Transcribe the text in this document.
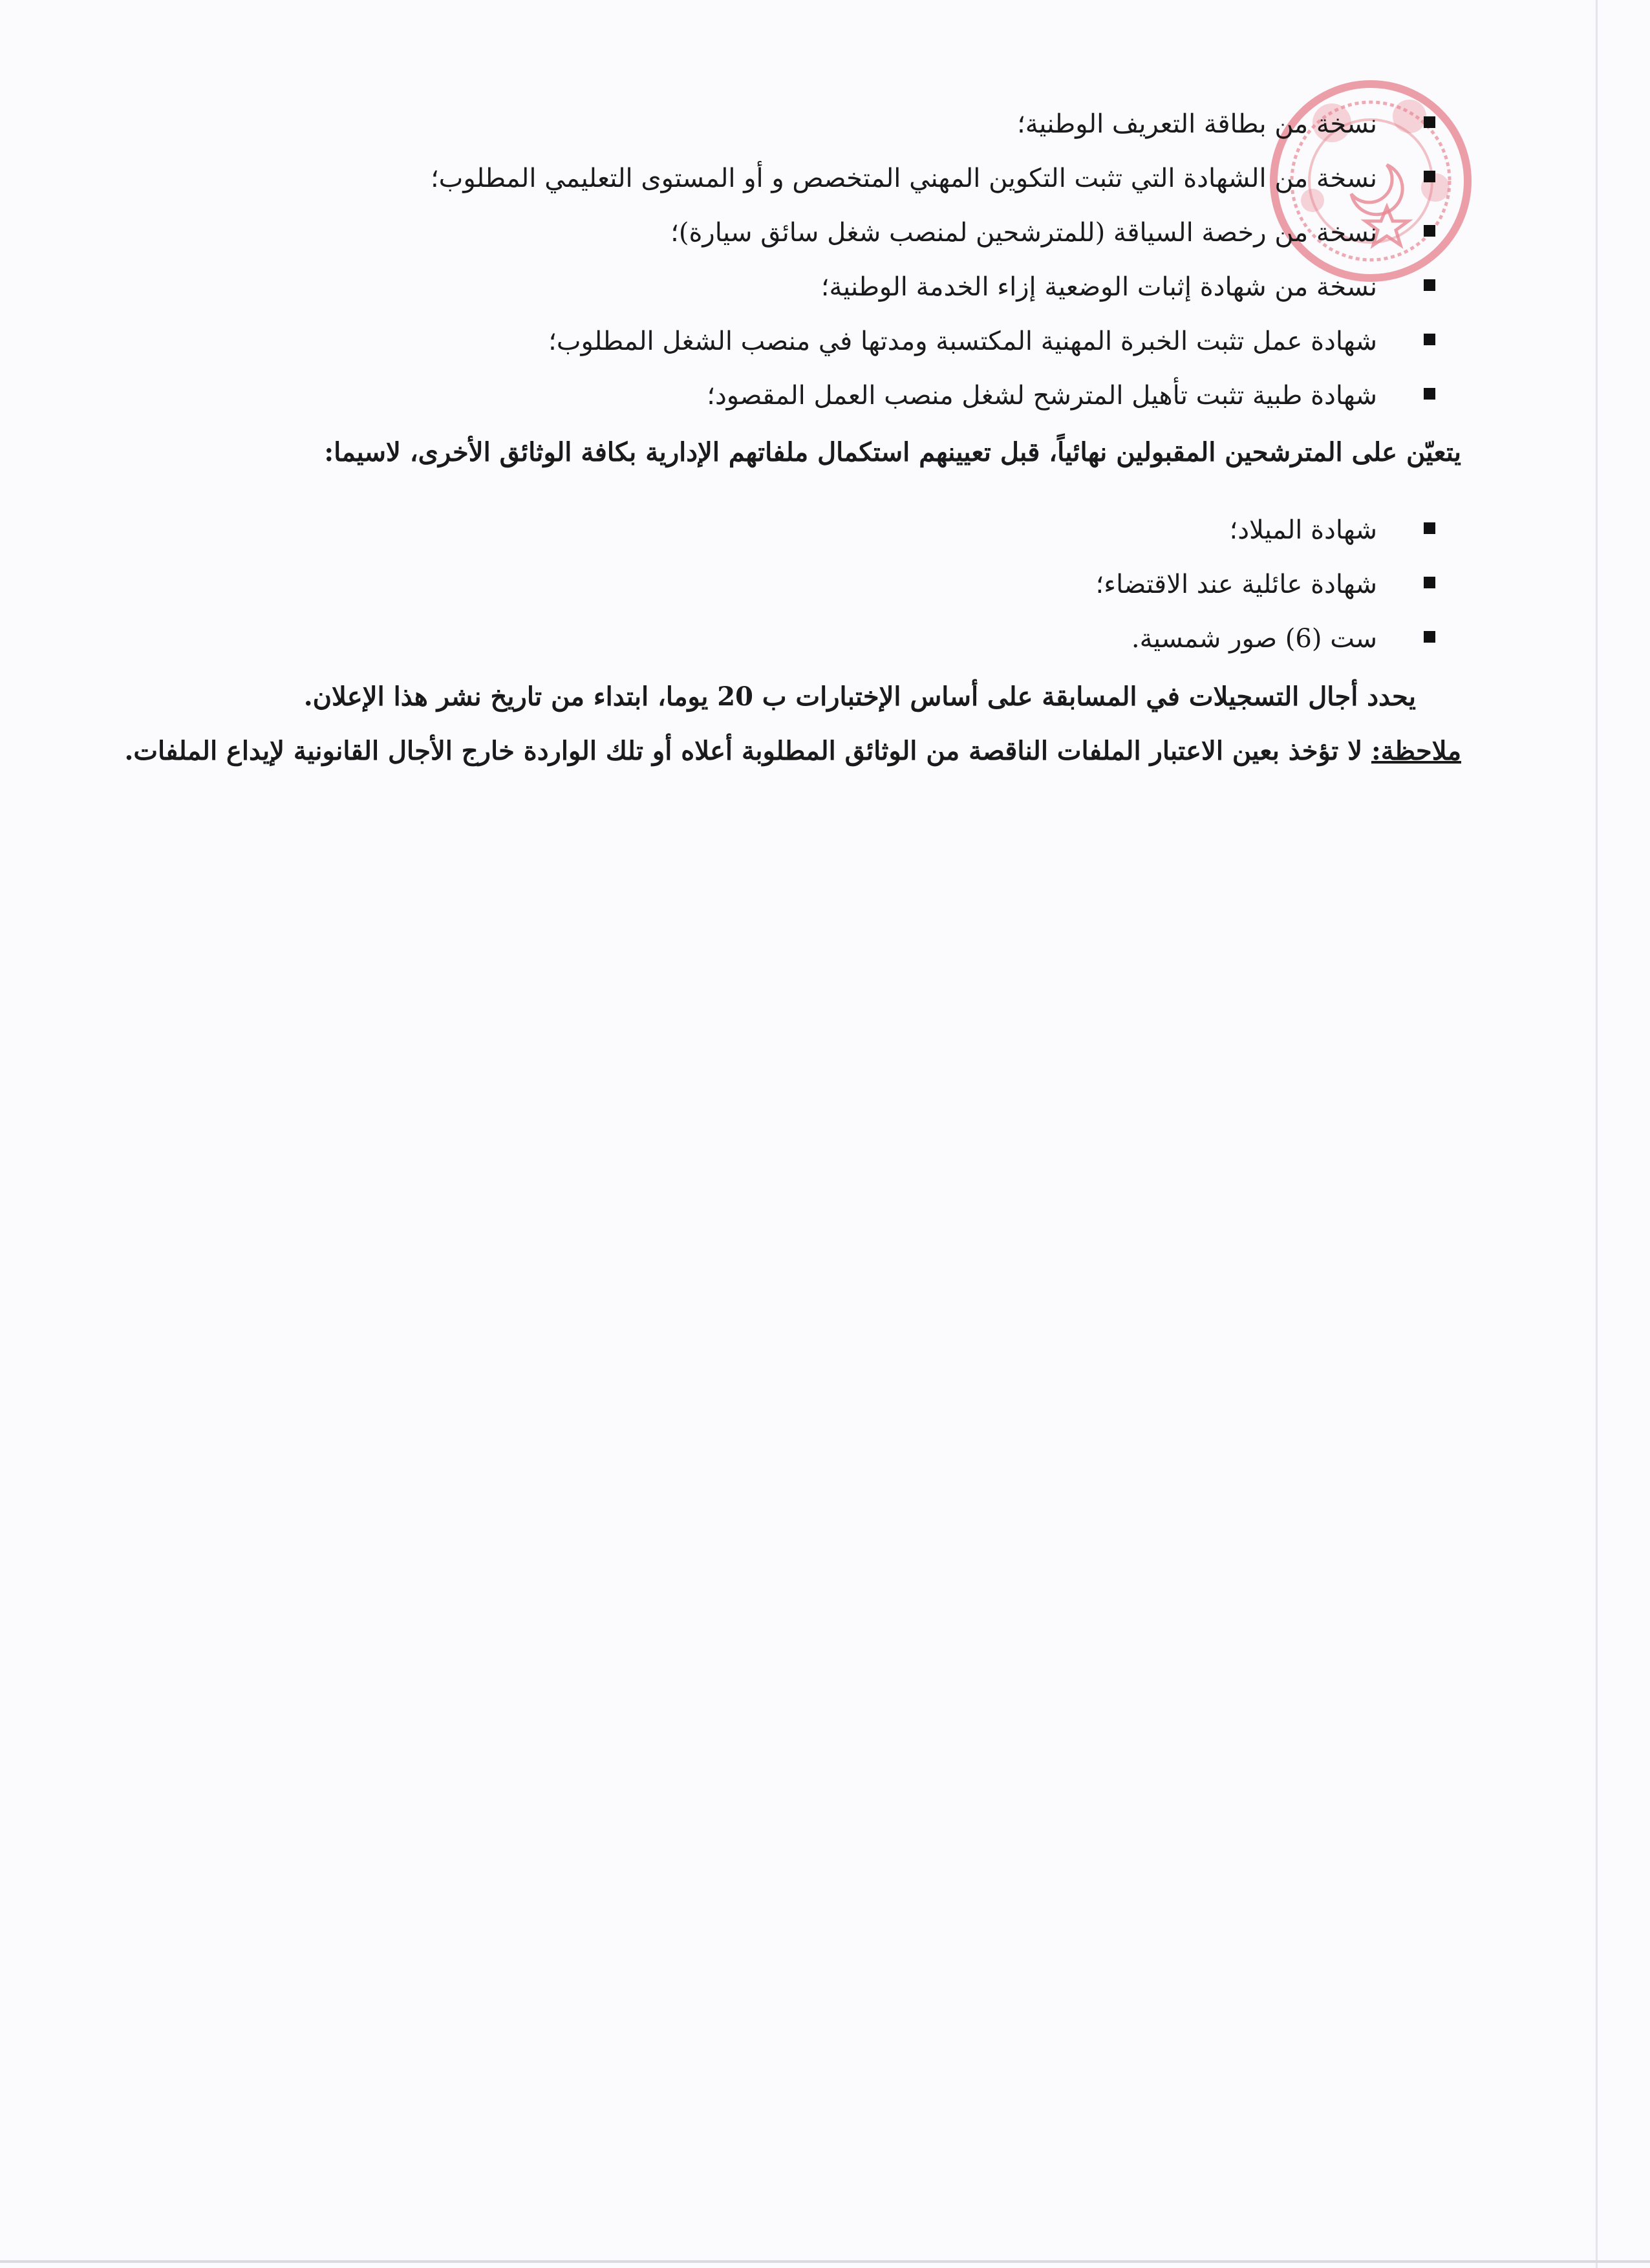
نسخة من بطاقة التعريف الوطنية؛
نسخة من الشهادة التي تثبت التكوين المهني المتخصص و أو المستوى التعليمي المطلوب؛
نسخة من رخصة السياقة (للمترشحين لمنصب شغل سائق سيارة)؛
نسخة من شهادة إثبات الوضعية إزاء الخدمة الوطنية؛
شهادة عمل تثبت الخبرة المهنية المكتسبة ومدتها في منصب الشغل المطلوب؛
شهادة طبية تثبت تأهيل المترشح لشغل منصب العمل المقصود؛

يتعيّن على المترشحين المقبولين نهائياً، قبل تعيينهم استكمال ملفاتهم الإدارية بكافة الوثائق الأخرى، لاسيما:

شهادة الميلاد؛
شهادة عائلية عند الاقتضاء؛
ست (6) صور شمسية.

يحدد أجال التسجيلات في المسابقة على أساس الإختبارات ب 20 يوما، ابتداء من تاريخ نشر هذا الإعلان.

ملاحظة: لا تؤخذ بعين الاعتبار الملفات الناقصة من الوثائق المطلوبة أعلاه أو تلك الواردة خارج الأجال القانونية لإيداع الملفات.
